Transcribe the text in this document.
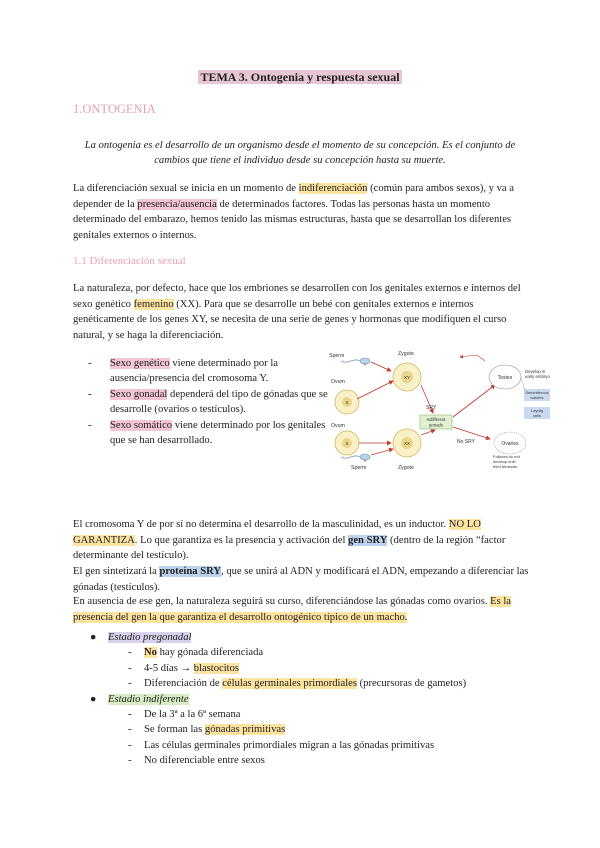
TEMA 3. Ontogenia y respuesta sexual
1.ONTOGENIA

La ontogenia es el desarrollo de un organismo desde el momento de su concepción. Es el conjunto de cambios que tiene el individuo desde su concepción hasta su muerte.

La diferenciación sexual se inicia en un momento de indiferenciación (común para ambos sexos), y va a depender de la presencia/ausencia de determinados factores. Todas las personas hasta un momento determinado del embarazo, hemos tenido las mismas estructuras, hasta que se desarrollan los diferentes genitales externos o internos.

1.1 Diferenciación sexual

La naturaleza, por defecto, hace que los embriones se desarrollen con los genitales externos e internos del sexo genético femenino (XX). Para que se desarrolle un bebé con genitales externos e internos genéticamente de los genes XY, se necesita de una serie de genes y hormonas que modifiquen el curso natural, y se haga la diferenciación.

- Sexo genético viene determinado por la ausencia/presencia del cromosoma Y.
- Sexo gonadal dependerá del tipo de gónadas que se desarrolle (ovarios o testículos).
- Sexo somático viene determinado por los genitales que se han desarrollado.
Y
Sperm
X
Ovum
Zygote
XY
Indifferent
gonads
SRY
Testes
Develop in
early embryo
Seminiferous
tubules
Leydig
cells
No SRY	Ovaries
Follicles do not
develop until
third trimester
Ovum
X	XX
Zygote
X
Sperm

El cromosoma Y de por sí no determina el desarrollo de la masculinidad, es un inductor. NO LO GARANTIZA. Lo que garantiza es la presencia y activación del gen SRY (dentro de la región “factor determinante del testículo).

El gen sintetizará la proteína SRY, que se unirá al ADN y modificará el ADN, empezando a diferenciar las gónadas (testículos).

En ausencia de ese gen, la naturaleza seguirá su curso, diferenciándose las gónadas como ovarios. Es la presencia del gen la que garantiza el desarrollo ontogénico típico de un macho.

● Estadio pregonadal
- No hay gónada diferenciada
- 4-5 días → blastocitos
- Diferenciación de células germinales primordiales (precursoras de gametos)
● Estadio indiferente
- De la 3ª a la 6ª semana
- Se forman las gónadas primitivas
- Las células germinales primordiales migran a las gónadas primitivas
- No diferenciable entre sexos
